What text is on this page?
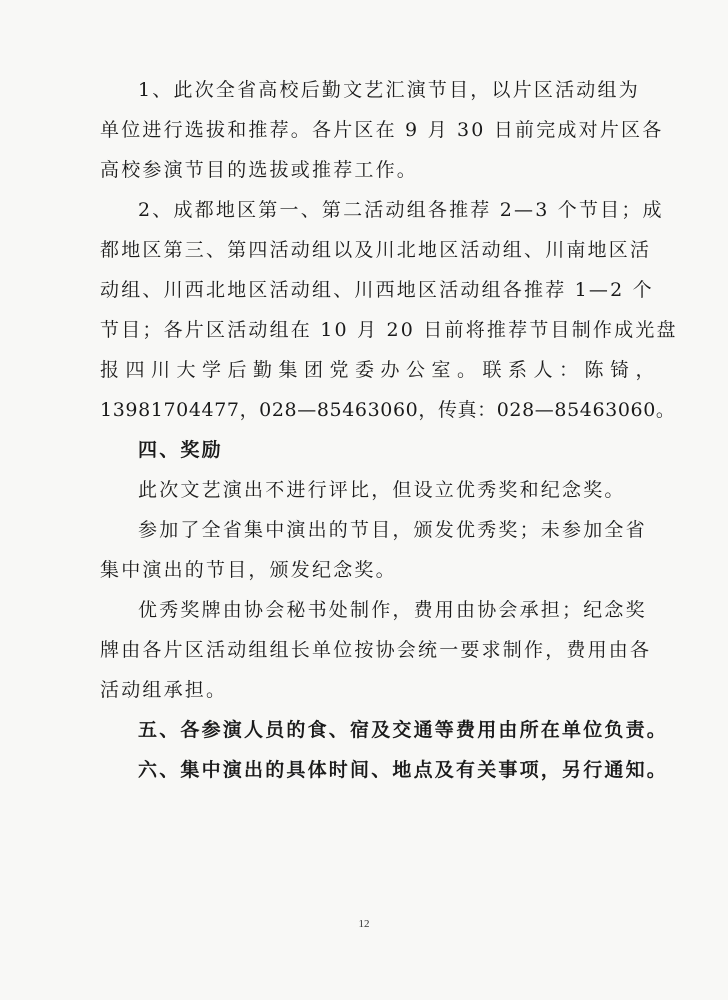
1、此次全省高校后勤文艺汇演节目，以片区活动组为
单位进行选拔和推荐。各片区在 9 月 30 日前完成对片区各
高校参演节目的选拔或推荐工作。

2、成都地区第一、第二活动组各推荐 2—3 个节目；成
都地区第三、第四活动组以及川北地区活动组、川南地区活
动组、川西北地区活动组、川西地区活动组各推荐 1—2 个
节目；各片区活动组在 10 月 20 日前将推荐节目制作成光盘
报四川大学后勤集团党委办公室。联系人：陈锜，
13981704477，028—85463060，传真：028—85463060。

四、奖励

此次文艺演出不进行评比，但设立优秀奖和纪念奖。

参加了全省集中演出的节目，颁发优秀奖；未参加全省
集中演出的节目，颁发纪念奖。

优秀奖牌由协会秘书处制作，费用由协会承担；纪念奖
牌由各片区活动组组长单位按协会统一要求制作，费用由各
活动组承担。

五、各参演人员的食、宿及交通等费用由所在单位负责。

六、集中演出的具体时间、地点及有关事项，另行通知。

12
